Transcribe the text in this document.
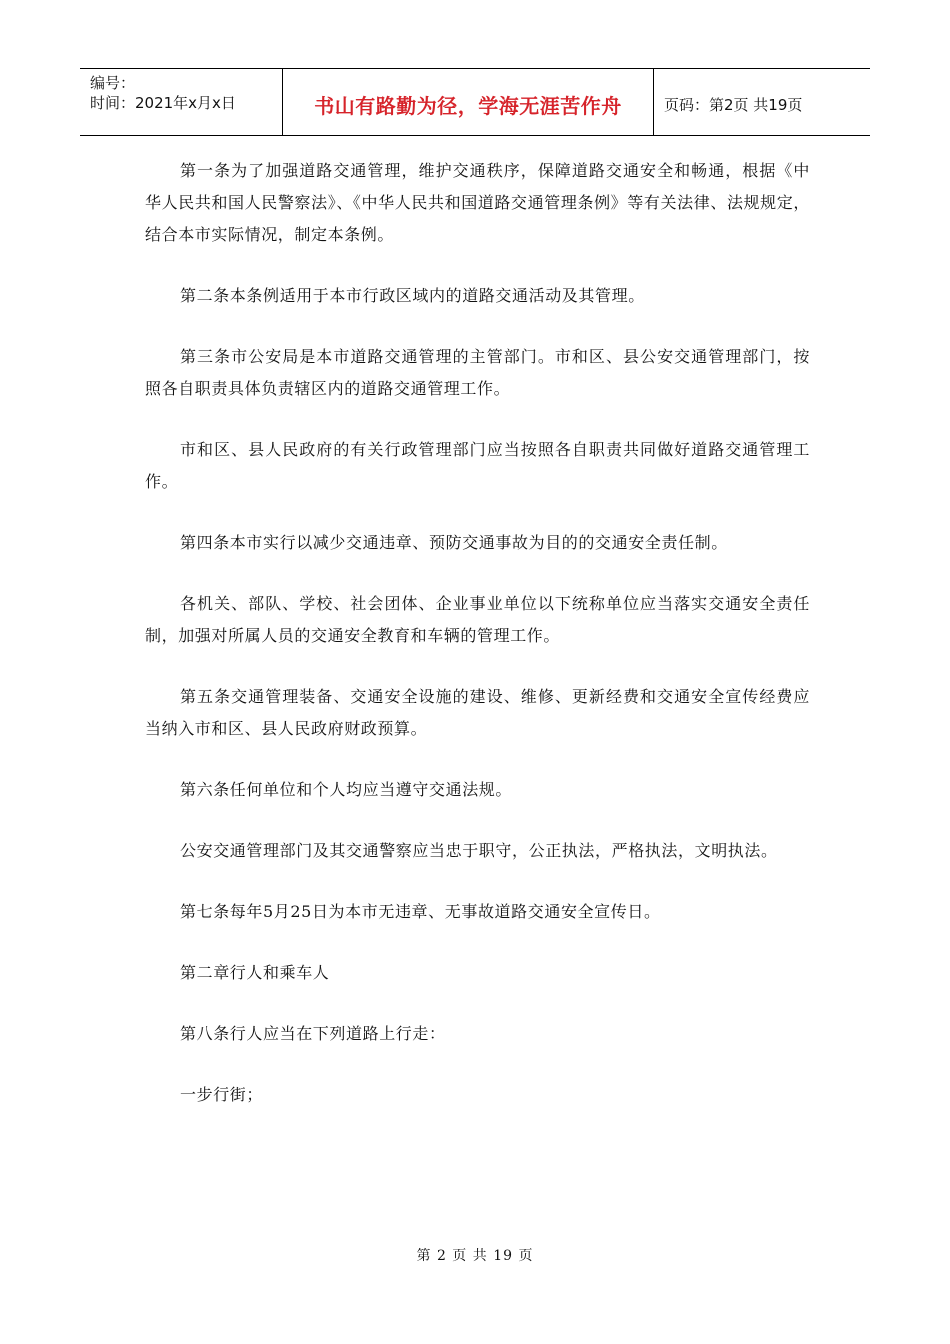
编号：
时间：2021年x月x日	书山有路勤为径，学海无涯苦作舟	页码：第2页 共19页

第一条为了加强道路交通管理，维护交通秩序，保障道路交通安全和畅通，根据《中华人民共和国人民警察法》、《中华人民共和国道路交通管理条例》等有关法律、法规规定，结合本市实际情况，制定本条例。

第二条本条例适用于本市行政区域内的道路交通活动及其管理。

第三条市公安局是本市道路交通管理的主管部门。市和区、县公安交通管理部门，按照各自职责具体负责辖区内的道路交通管理工作。

市和区、县人民政府的有关行政管理部门应当按照各自职责共同做好道路交通管理工作。

第四条本市实行以减少交通违章、预防交通事故为目的的交通安全责任制。

各机关、部队、学校、社会团体、企业事业单位以下统称单位应当落实交通安全责任制，加强对所属人员的交通安全教育和车辆的管理工作。

第五条交通管理装备、交通安全设施的建设、维修、更新经费和交通安全宣传经费应当纳入市和区、县人民政府财政预算。

第六条任何单位和个人均应当遵守交通法规。

公安交通管理部门及其交通警察应当忠于职守，公正执法，严格执法，文明执法。

第七条每年5月25日为本市无违章、无事故道路交通安全宣传日。

第二章行人和乘车人

第八条行人应当在下列道路上行走：

一步行街；

第 2 页 共 19 页
